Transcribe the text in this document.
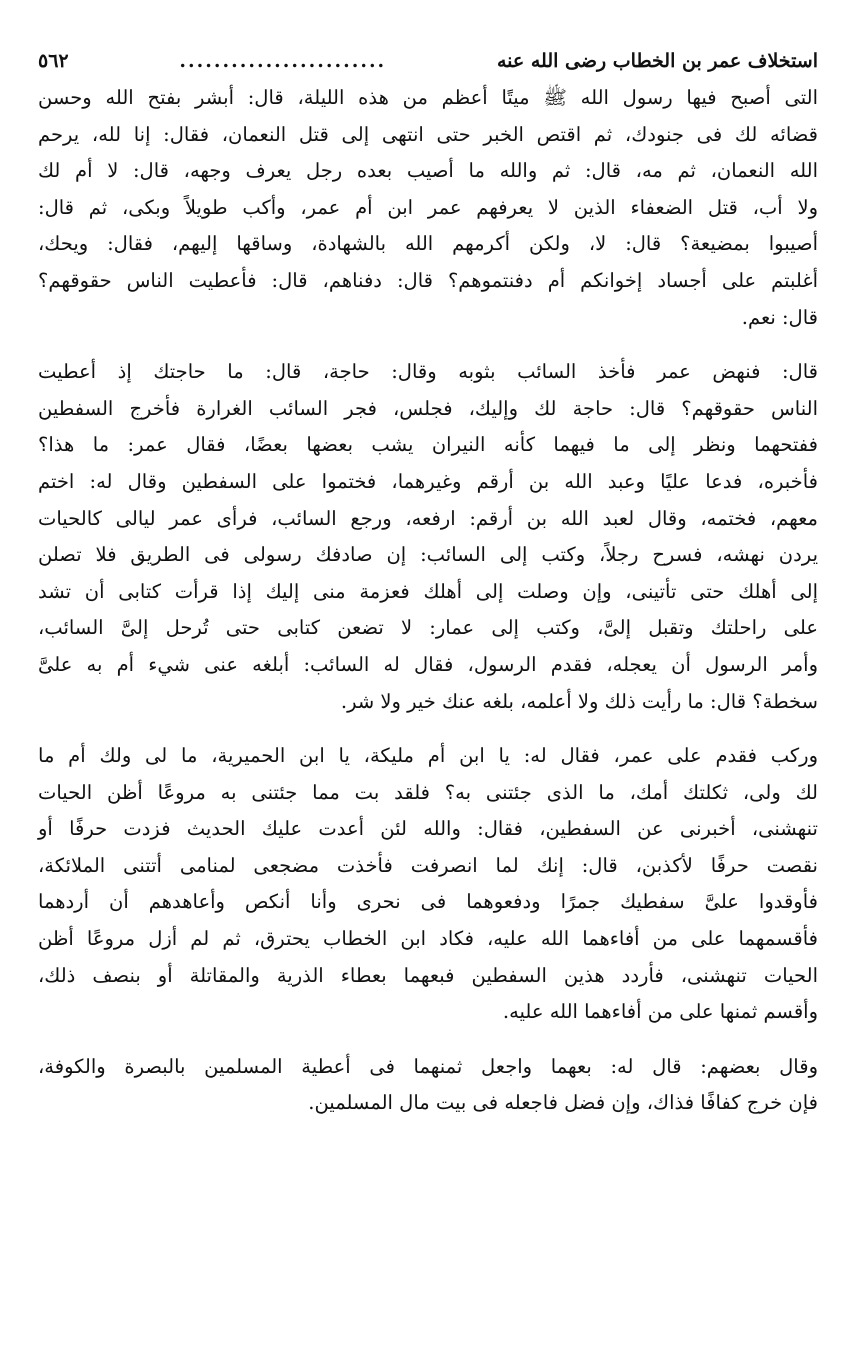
استخلاف عمر بن الخطاب رضى الله عنه
........................
٥٦٢

التى أصبح فيها رسول الله ﷺ ميتًا أعظم من هذه الليلة، قال: أبشر بفتح الله وحسن
قضائه لك فى جنودك، ثم اقتص الخبر حتى انتهى إلى قتل النعمان، فقال: إنا لله، يرحم
الله النعمان، ثم مه، قال: ثم والله ما أصيب بعده رجل يعرف وجهه، قال: لا أم لك
ولا أب، قتل الضعفاء الذين لا يعرفهم عمر ابن أم عمر، وأكب طويلاً وبكى، ثم قال:
أصيبوا بمضيعة؟ قال: لا، ولكن أكرمهم الله بالشهادة، وساقها إليهم، فقال: ويحك،
أغلبتم على أجساد إخوانكم أم دفنتموهم؟ قال: دفناهم، قال: فأعطيت الناس حقوقهم؟
قال: نعم.

قال: فنهض عمر فأخذ السائب بثوبه وقال: حاجة، قال: ما حاجتك إذ أعطيت
الناس حقوقهم؟ قال: حاجة لك وإليك، فجلس، فجر السائب الغرارة فأخرج السفطين
ففتحهما ونظر إلى ما فيهما كأنه النيران يشب بعضها بعضًا، فقال عمر: ما هذا؟
فأخبره، فدعا عليًا وعبد الله بن أرقم وغيرهما، فختموا على السفطين وقال له: اختم
معهم، فختمه، وقال لعبد الله بن أرقم: ارفعه، ورجع السائب، فرأى عمر ليالى كالحيات
يردن نهشه، فسرح رجلاً، وكتب إلى السائب: إن صادفك رسولى فى الطريق فلا تصلن
إلى أهلك حتى تأتينى، وإن وصلت إلى أهلك فعزمة منى إليك إذا قرأت كتابى أن تشد
على راحلتك وتقبل إلىَّ، وكتب إلى عمار: لا تضعن كتابى حتى تُرحل إلىَّ السائب،
وأمر الرسول أن يعجله، فقدم الرسول، فقال له السائب: أبلغه عنى شيء أم به علىَّ
سخطة؟ قال: ما رأيت ذلك ولا أعلمه، بلغه عنك خير ولا شر.

وركب فقدم على عمر، فقال له: يا ابن أم مليكة، يا ابن الحميرية، ما لى ولك أم ما
لك ولى، ثكلتك أمك، ما الذى جئتنى به؟ فلقد بت مما جئتنى به مروعًا أظن الحيات
تنهشنى، أخبرنى عن السفطين، فقال: والله لئن أعدت عليك الحديث فزدت حرفًا أو
نقصت حرفًا لأكذبن، قال: إنك لما انصرفت فأخذت مضجعى لمنامى أتتنى الملائكة،
فأوقدوا علىَّ سفطيك جمرًا ودفعوهما فى نحرى وأنا أنكص وأعاهدهم أن أردهما
فأقسمهما على من أفاءهما الله عليه، فكاد ابن الخطاب يحترق، ثم لم أزل مروعًا أظن
الحيات تنهشنى، فأردد هذين السفطين فبعهما بعطاء الذرية والمقاتلة أو بنصف ذلك،
وأقسم ثمنها على من أفاءهما الله عليه.

وقال بعضهم: قال له: بعهما واجعل ثمنهما فى أعطية المسلمين بالبصرة والكوفة،
فإن خرج كفافًا فذاك، وإن فضل فاجعله فى بيت مال المسلمين.
